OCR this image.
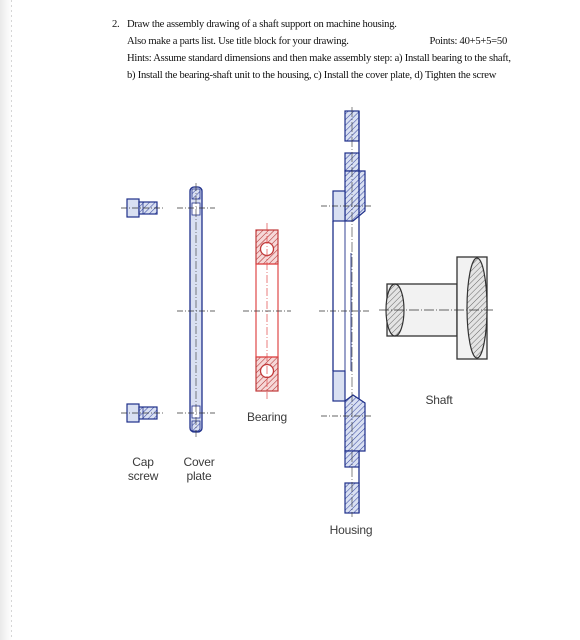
2. Draw the assembly drawing of a shaft support on machine housing.
Also make a parts list. Use title block for your drawing.	Points: 40+5+5=50
Hints: Assume standard dimensions and then make assembly step: a) Install bearing to the shaft,
b) Install the bearing-shaft unit to the housing, c) Install the cover plate, d) Tighten the screw
Cap
screw
Cover
plate
Bearing
Housing
Shaft
